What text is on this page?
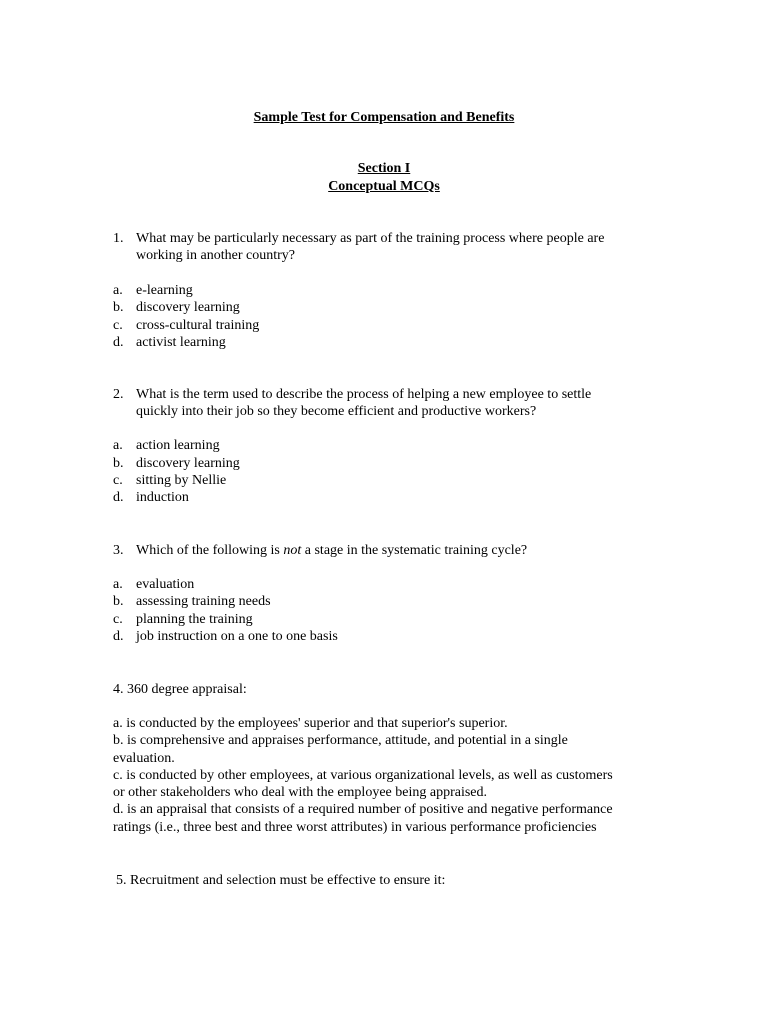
Sample Test for Compensation and Benefits
Section I
Conceptual MCQs
1. What may be particularly necessary as part of the training process where people are
working in another country?
a. e-learning
b. discovery learning
c. cross-cultural training
d. activist learning
2. What is the term used to describe the process of helping a new employee to settle
quickly into their job so they become efficient and productive workers?
a. action learning
b. discovery learning
c. sitting by Nellie
d. induction
3. Which of the following is not a stage in the systematic training cycle?
a. evaluation
b. assessing training needs
c. planning the training
d. job instruction on a one to one basis
4. 360 degree appraisal:
a. is conducted by the employees' superior and that superior's superior.
b. is comprehensive and appraises performance, attitude, and potential in a single
evaluation.
c. is conducted by other employees, at various organizational levels, as well as customers
or other stakeholders who deal with the employee being appraised.
d. is an appraisal that consists of a required number of positive and negative performance
ratings (i.e., three best and three worst attributes) in various performance proficiencies
5. Recruitment and selection must be effective to ensure it:
